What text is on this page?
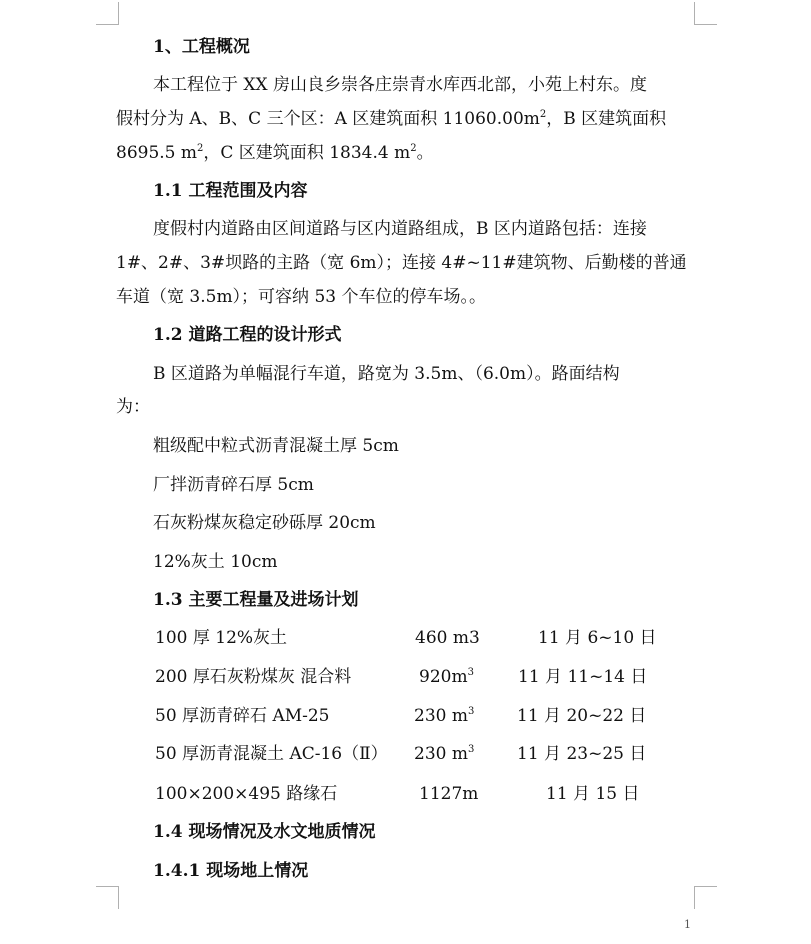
1、工程概况
本工程位于 XX 房山良乡崇各庄崇青水库西北部，小苑上村东。度
假村分为 A、B、C 三个区：A 区建筑面积 $11060.00m^2$，B 区建筑面积
8695.5 $m^2$，C 区建筑面积 1834.4 $m^2$。
1.1 工程范围及内容
度假村内道路由区间道路与区内道路组成，B 区内道路包括：连接
1#、2#、3#坝路的主路（宽 6m）；连接 4#~11#建筑物、后勤楼的普通
车道（宽 3.5m）；可容纳 53 个车位的停车场。。
1.2 道路工程的设计形式
B 区道路为单幅混行车道，路宽为 3.5m、（6.0m）。路面结构
为：
粗级配中粒式沥青混凝土厚 5cm
厂拌沥青碎石厚 5cm
石灰粉煤灰稳定砂砾厚 20cm
12%灰土 10cm
1.3 主要工程量及进场计划
100 厚 12%灰土	460 m3	11 月 6~10 日
200 厚石灰粉煤灰 混合料	$920m^3$	11 月 11~14 日
50 厚沥青碎石 AM-25	230 $m^3$	11 月 20~22 日
50 厚沥青混凝土 AC-16（Ⅱ） 230 $m^3$	11 月 23~25 日
100×200×495 路缘石	1127m	11 月 15 日
1.4 现场情况及水文地质情况
1.4.1 现场地上情况
1
